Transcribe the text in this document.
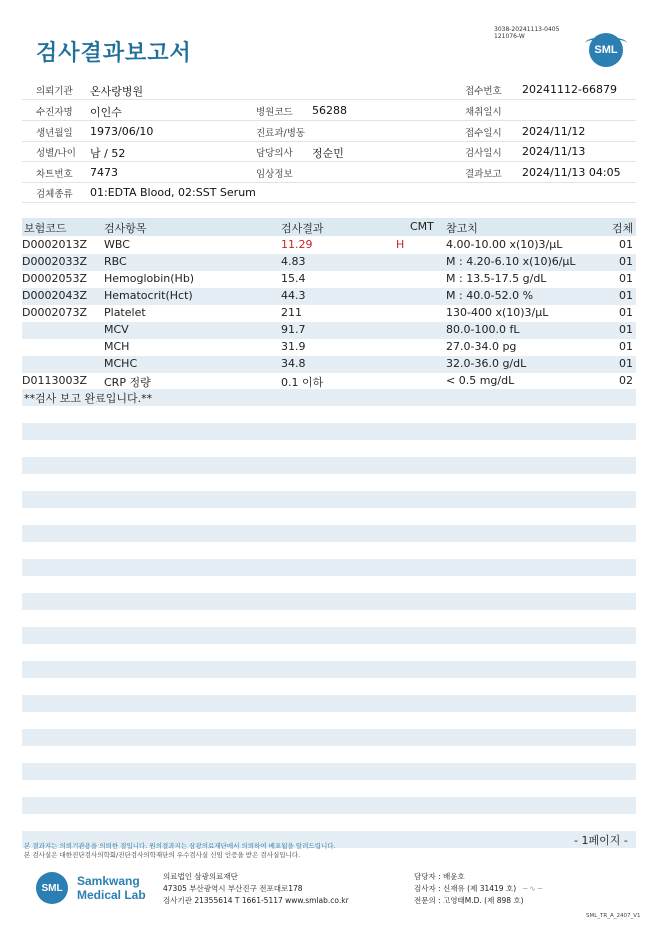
검사결과보고서
3038-20241113-0405
121076-W
SML
의뢰기관 온사랑병원	접수번호 20241112-66879
수진자명 이인수	병원코드 56288	채취일시
생년월일 1973/06/10	진료과/병동	접수일시 2024/11/12
성별/나이 남 / 52	담당의사 정순민	검사일시 2024/11/13
차트번호 7473	임상정보	결과보고 2024/11/13 04:05
검체종류 01:EDTA Blood, 02:SST Serum
보험코드	검사항목	검사결과	CMT 참고치	검체
D0002013Z WBC	11.29	H	4.00-10.00 x(10)3/μL	01
D0002033Z RBC	4.83	M : 4.20-6.10 x(10)6/μL	01
D0002053Z Hemoglobin(Hb)	15.4	M : 13.5-17.5 g/dL	01
D0002043Z Hematocrit(Hct)	44.3	M : 40.0-52.0 %	01
D0002073Z Platelet	211	130-400 x(10)3/μL	01
MCV	91.7	80.0-100.0 fL	01
MCH	31.9	27.0-34.0 pg	01
MCHC	34.8	32.0-36.0 g/dL	01
D0113003Z CRP 정량	0.1 이하	< 0.5 mg/dL	02
**검사 보고 완료입니다.**
- 1페이지 -
본 결과지는 의뢰기관용을 의뢰한 결입니다. 원의결과지는 삼광의료재단에서 의뢰하여 배포됨을 알려드립니다.
본 검사실은 대한진단검사의학회/진단검사의학재단의 우수검사실 신임 인증을 받은 검사실입니다.
SML	Samkwang
Medical Lab
의료법인 삼광의료재단
47305 부산광역시 부산진구 전포대로178
검사기관 21355614 T 1661-5117 www.smlab.co.kr
담당자 : 배윤호
검사자 : 신재유 (제 31419 호) ~∿~
전문의 : 고영태M.D. (제 898 호)
SML_TR_A_2407_V1
